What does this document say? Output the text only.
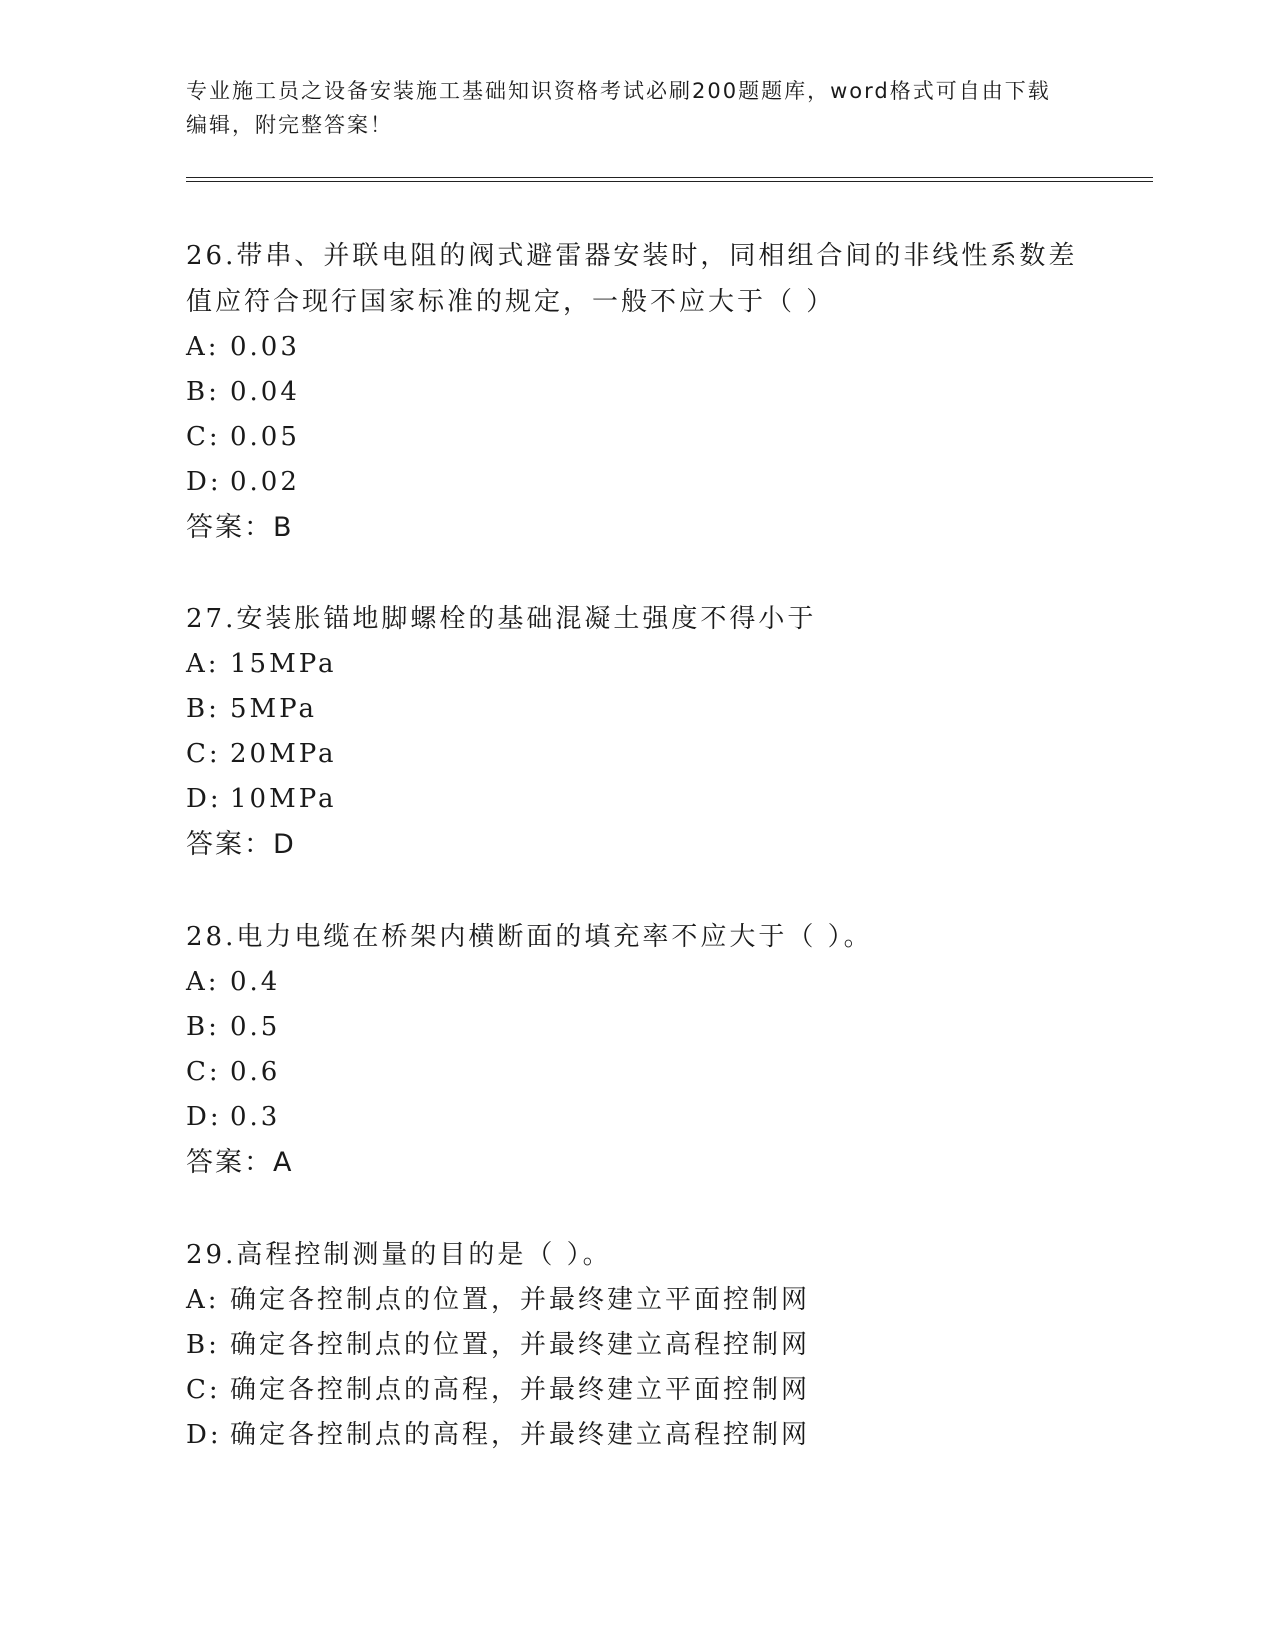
专业施工员之设备安装施工基础知识资格考试必刷200题题库，word格式可自由下载编辑，附完整答案！

26.带串、并联电阻的阀式避雷器安装时，同相组合间的非线性系数差值应符合现行国家标准的规定，一般不应大于（ ）

A: 0.03

B: 0.04

C: 0.05

D: 0.02

答案：B

27.安装胀锚地脚螺栓的基础混凝土强度不得小于

A: 15MPa

B: 5MPa

C: 20MPa

D: 10MPa

答案：D

28.电力电缆在桥架内横断面的填充率不应大于（ ）。

A: 0.4

B: 0.5

C: 0.6

D: 0.3

答案：A

29.高程控制测量的目的是（ ）。

A: 确定各控制点的位置，并最终建立平面控制网

B: 确定各控制点的位置，并最终建立高程控制网

C: 确定各控制点的高程，并最终建立平面控制网

D: 确定各控制点的高程，并最终建立高程控制网
